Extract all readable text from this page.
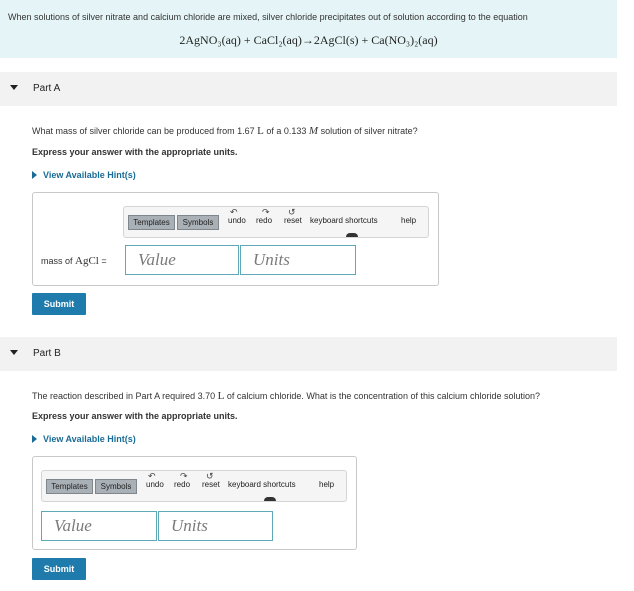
When solutions of silver nitrate and calcium chloride are mixed, silver chloride precipitates out of solution according to the equation
2AgNO₃(aq) + CaCl₂(aq)→2AgCl(s) + Ca(NO₃)₂(aq)
Part A
What mass of silver chloride can be produced from 1.67 L of a 0.133 M solution of silver nitrate?
Express your answer with the appropriate units.
View Available Hint(s)
Templates	Symbols
↶
undo
↷
redo
↺
reset keyboard shortcuts	help
mass of AgCl =	Value	Units
Submit
Part B
The reaction described in Part A required 3.70 L of calcium chloride. What is the concentration of this calcium chloride solution?
Express your answer with the appropriate units.
View Available Hint(s)
Templates	Symbols
↶
undo
↷
redo
↺
reset keyboard shortcuts	help
Value	Units
Submit
